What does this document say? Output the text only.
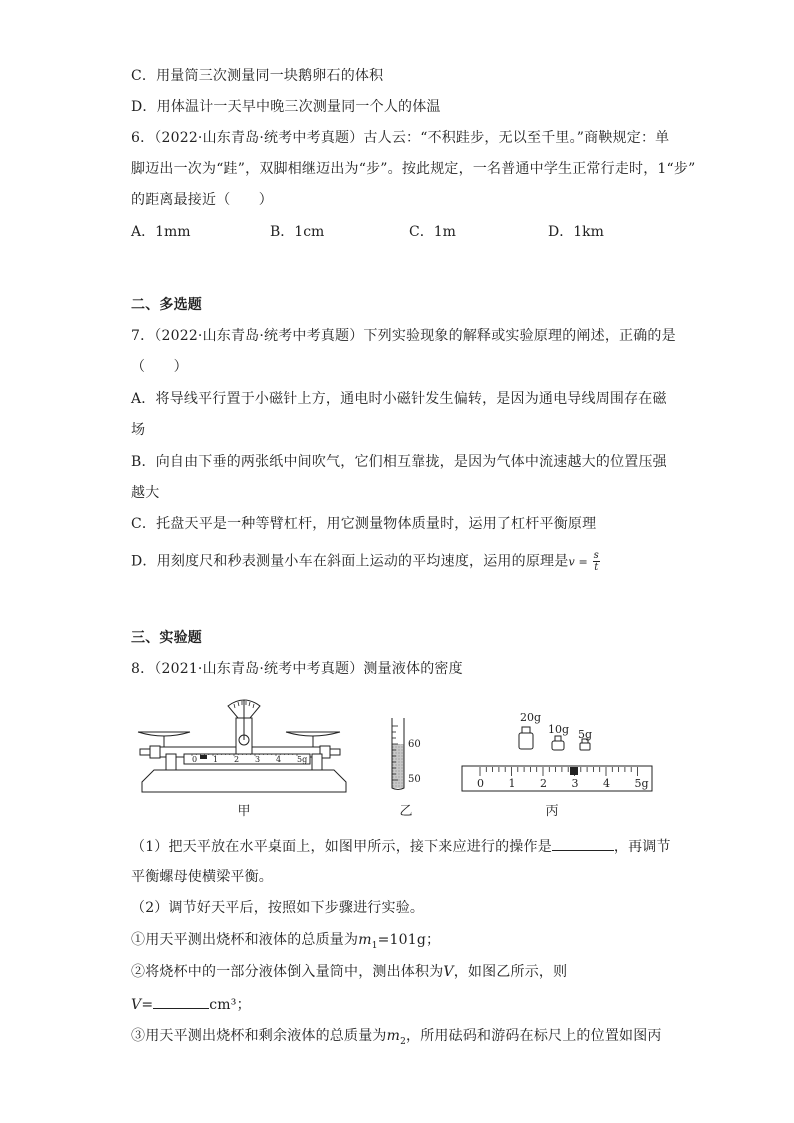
C．用量筒三次测量同一块鹅卵石的体积
D．用体温计一天早中晚三次测量同一个人的体温
6．（2022·山东青岛·统考中考真题）古人云：“不积跬步，无以至千里。”商鞅规定：单
脚迈出一次为“跬”，双脚相继迈出为“步”。按此规定，一名普通中学生正常行走时，1“步”
的距离最接近（　　）
A．1mm	B．1cm	C．1m	D．1km
二、多选题
7．（2022·山东青岛·统考中考真题）下列实验现象的解释或实验原理的阐述，正确的是
（　　）
A．将导线平行置于小磁针上方，通电时小磁针发生偏转，是因为通电导线周围存在磁
场
B．向自由下垂的两张纸中间吹气，它们相互靠拢，是因为气体中流速越大的位置压强
越大
C．托盘天平是一种等臂杠杆，用它测量物体质量时，运用了杠杆平衡原理
D．用刻度尺和秒表测量小车在斜面上运动的平均速度，运用的原理是$v = \frac{s}{t}$
三、实验题
8．（2021·山东青岛·统考中考真题）测量液体的密度
0 1 2 3 4 5g
60
50
20g
10g 5g
0 1 2 3 4 5g
甲	乙	丙
（1）把天平放在水平桌面上，如图甲所示，接下来应进行的操作是	，再调节
平衡螺母使横梁平衡。
（2）调节好天平后，按照如下步骤进行实验。
①用天平测出烧杯和液体的总质量为$m_1=101g$；
②将烧杯中的一部分液体倒入量筒中，测出体积为V，如图乙所示，则
V=	cm³；
③用天平测出烧杯和剩余液体的总质量为$m_2$，所用砝码和游码在标尺上的位置如图丙
